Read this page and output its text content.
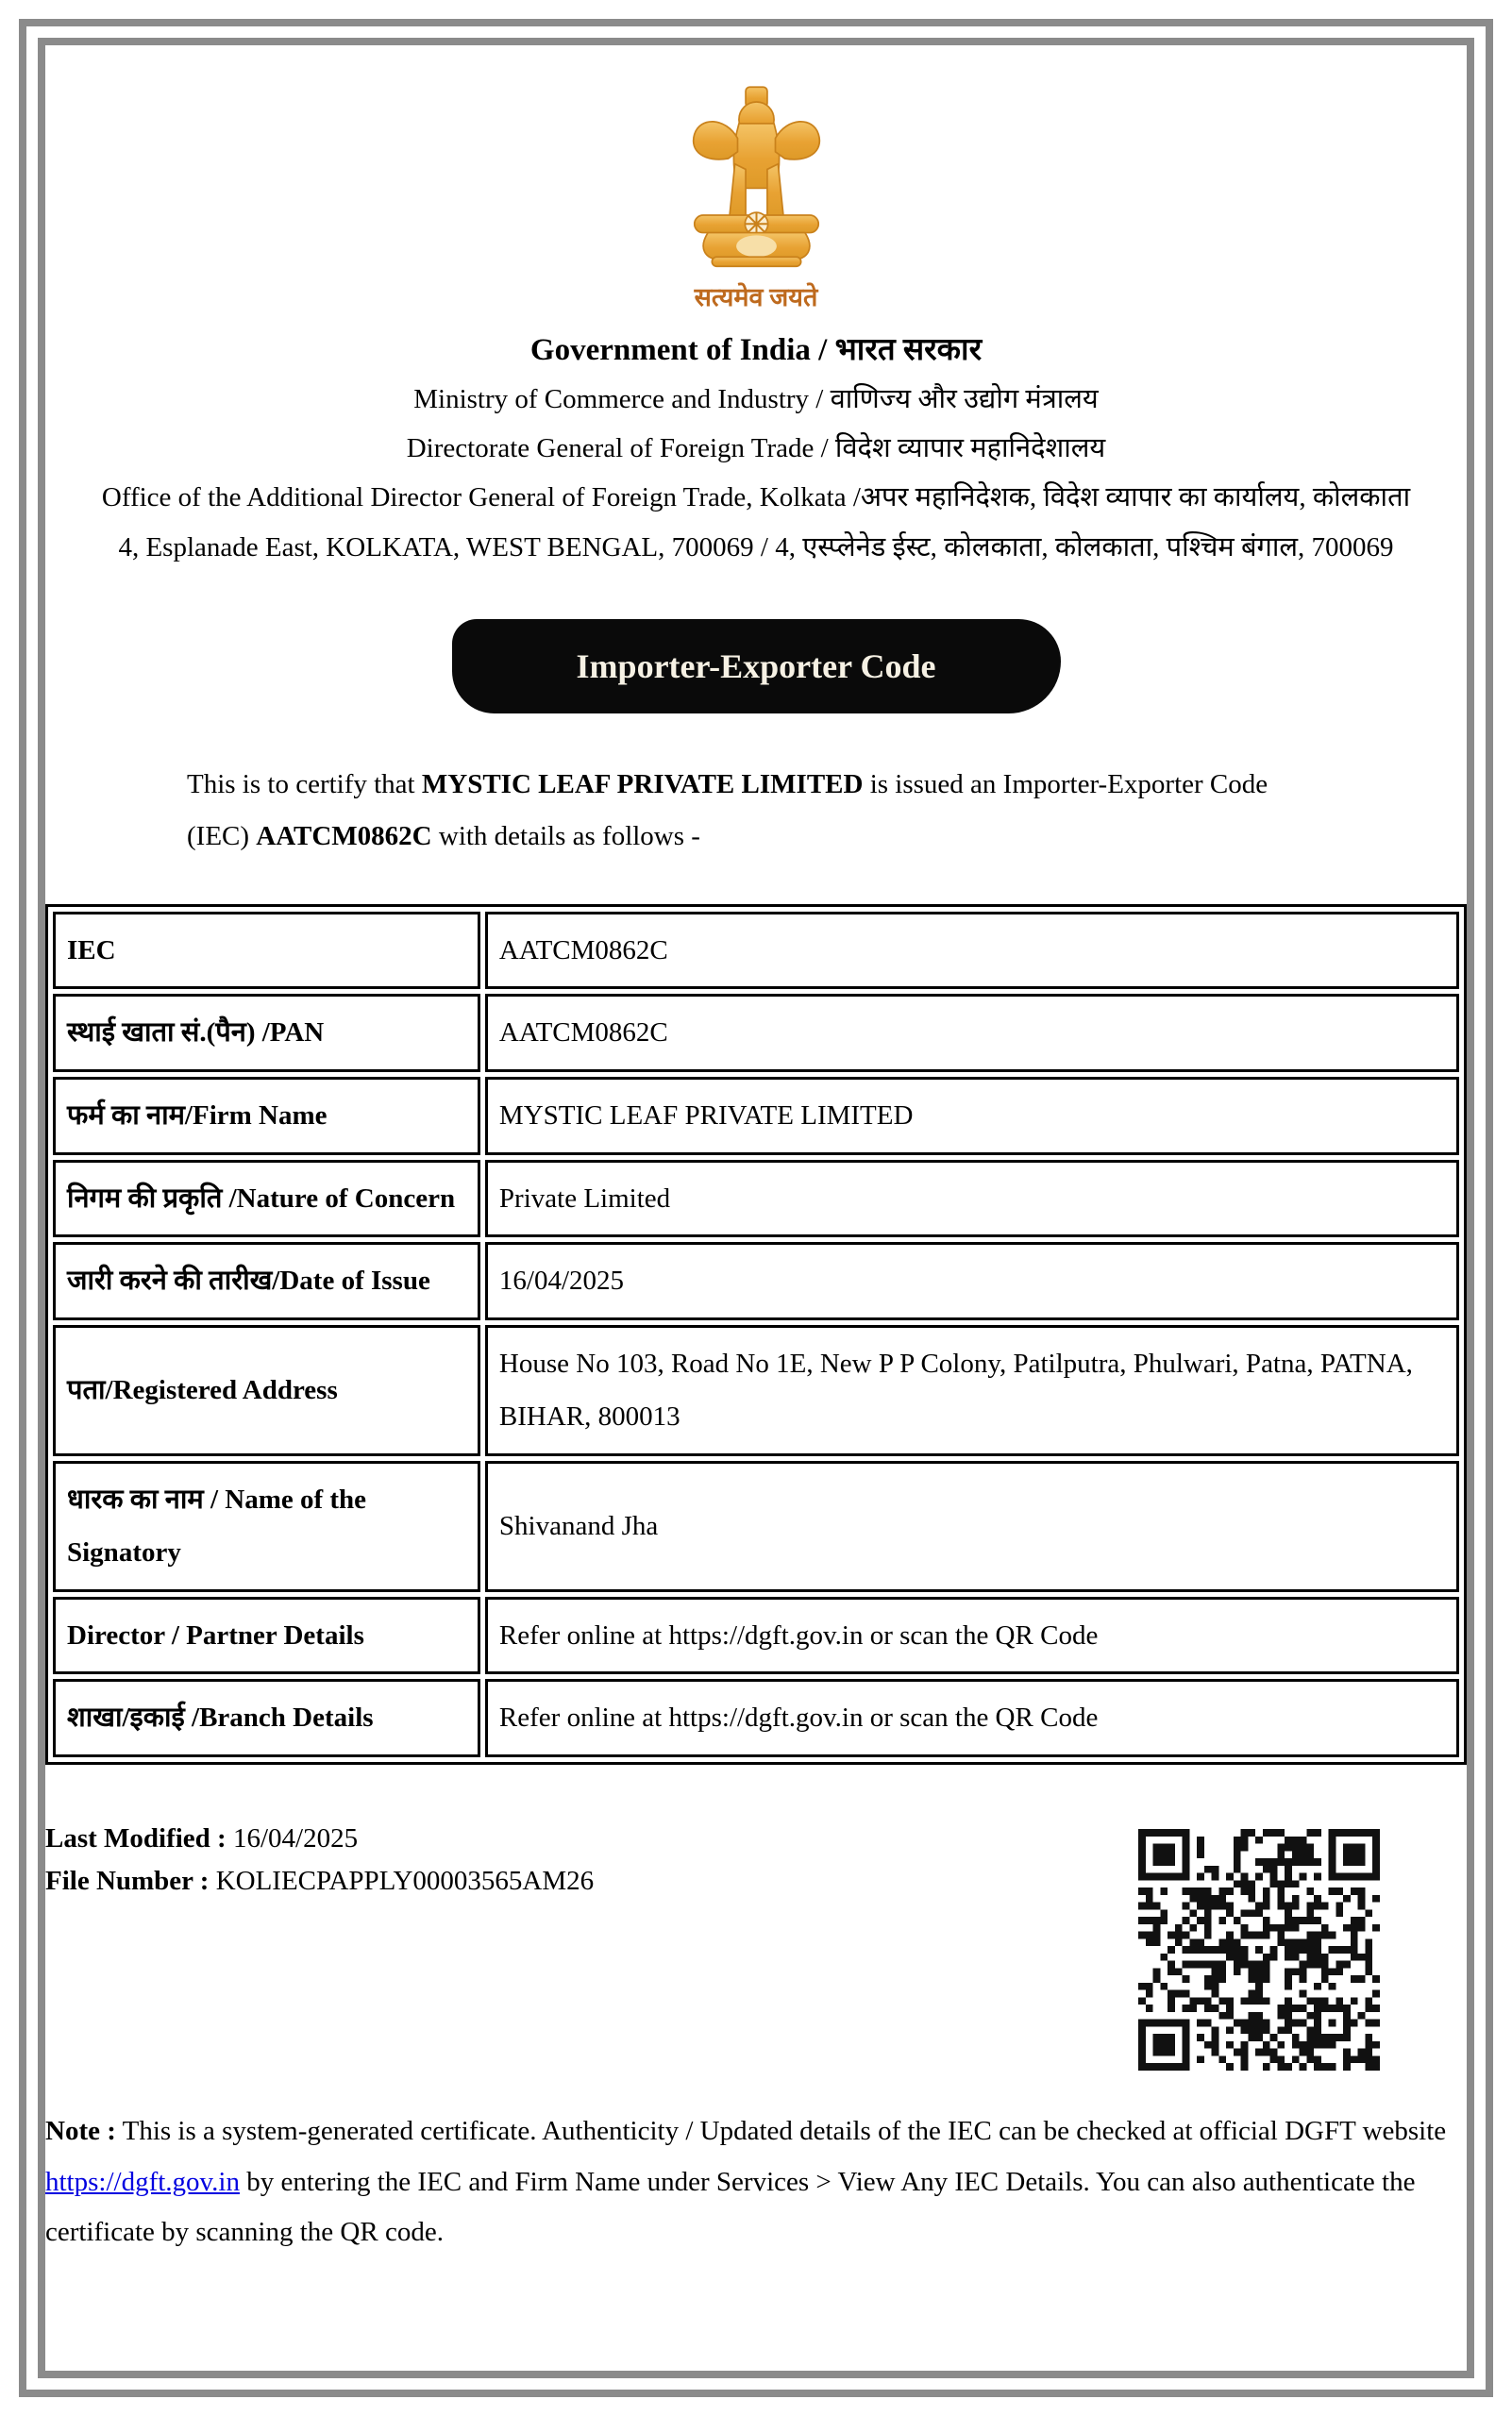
सत्यमेव जयते
Government of India / भारत सरकार
Ministry of Commerce and Industry / वाणिज्य और उद्योग मंत्रालय
Directorate General of Foreign Trade / विदेश व्यापार महानिदेशालय
Office of the Additional Director General of Foreign Trade, Kolkata /अपर महानिदेशक, विदेश व्यापार का कार्यालय, कोलकाता
4, Esplanade East, KOLKATA, WEST BENGAL, 700069 / 4, एस्प्लेनेड ईस्ट, कोलकाता, कोलकाता, पश्चिम बंगाल, 700069
Importer-Exporter Code
This is to certify that MYSTIC LEAF PRIVATE LIMITED is issued an Importer-Exporter Code (IEC) AATCM0862C with details as follows -
IEC	AATCM0862C
स्थाई खाता सं.(पैन) /PAN	AATCM0862C
फर्म का नाम/Firm Name	MYSTIC LEAF PRIVATE LIMITED
निगम की प्रकृति /Nature of Concern	Private Limited
जारी करने की तारीख/Date of Issue	16/04/2025
पता/Registered Address	House No 103, Road No 1E, New P P Colony, Patilputra, Phulwari, Patna, PATNA, BIHAR, 800013
धारक का नाम / Name of the Signatory	Shivanand Jha
Director / Partner Details	Refer online at https://dgft.gov.in or scan the QR Code
शाखा/इकाई /Branch Details	Refer online at https://dgft.gov.in or scan the QR Code
Last Modified : 16/04/2025
File Number : KOLIECPAPPLY00003565AM26
Note : This is a system-generated certificate. Authenticity / Updated details of the IEC can be checked at official DGFT website https://dgft.gov.in by entering the IEC and Firm Name under Services > View Any IEC Details. You can also authenticate the certificate by scanning the QR code.
